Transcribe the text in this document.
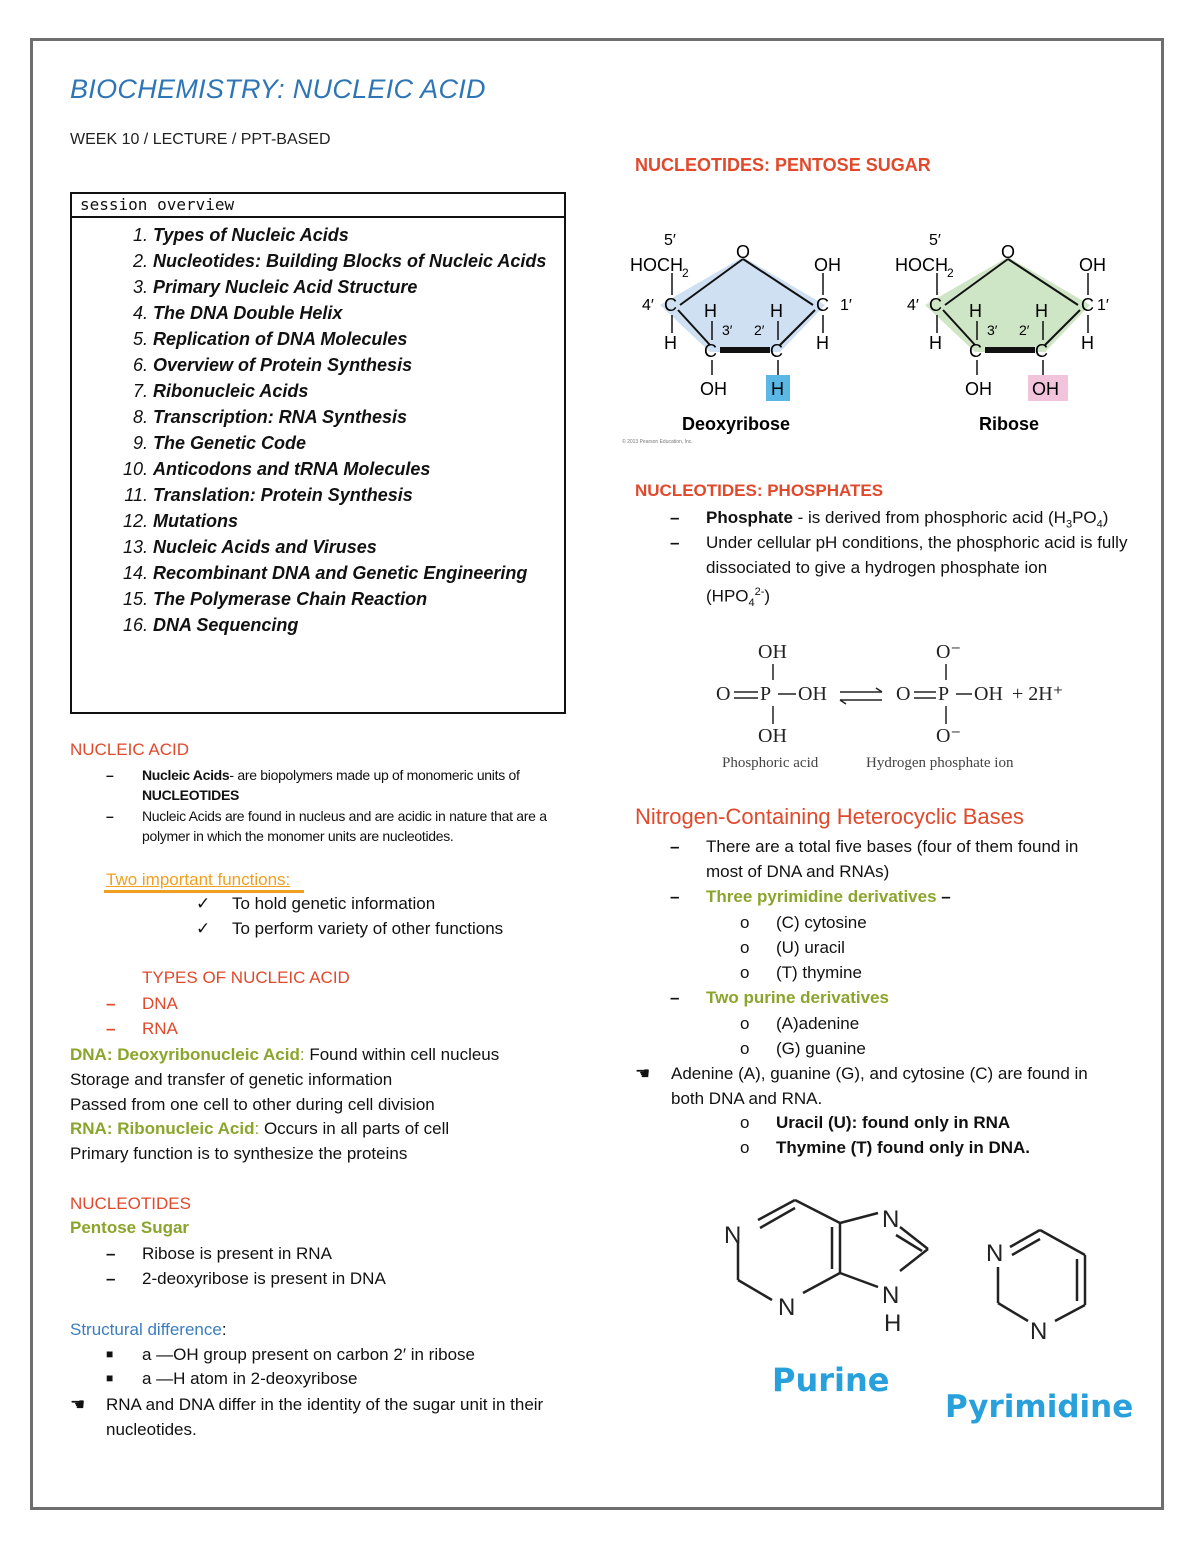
BIOCHEMISTRY: NUCLEIC ACID
WEEK 10 / LECTURE / PPT-BASED
session overview
1. Types of Nucleic Acids
2. Nucleotides: Building Blocks of Nucleic Acids
3. Primary Nucleic Acid Structure
4. The DNA Double Helix
5. Replication of DNA Molecules
6. Overview of Protein Synthesis
7. Ribonucleic Acids
8. Transcription: RNA Synthesis
9. The Genetic Code
10. Anticodons and tRNA Molecules
11. Translation: Protein Synthesis
12. Mutations
13. Nucleic Acids and Viruses
14. Recombinant DNA and Genetic Engineering
15. The Polymerase Chain Reaction
16. DNA Sequencing
NUCLEIC ACID
–	Nucleic Acids- are biopolymers made up of monomeric units of NUCLEOTIDES
–	Nucleic Acids are found in nucleus and are acidic in nature that are a polymer in which the monomer units are nucleotides.
Two important functions:
✓ To hold genetic information
✓ To perform variety of other functions
TYPES OF NUCLEIC ACID
– DNA
– RNA
DNA: Deoxyribonucleic Acid: Found within cell nucleus
Storage and transfer of genetic information
Passed from one cell to other during cell division
RNA: Ribonucleic Acid: Occurs in all parts of cell
Primary function is to synthesize the proteins
NUCLEOTIDES
Pentose Sugar
– Ribose is present in RNA
– 2-deoxyribose is present in DNA
Structural difference:
■ a —OH group present on carbon 2′ in ribose
■ a —H atom in 2-deoxyribose
☚	RNA and DNA differ in the identity of the sugar unit in their nucleotides.
NUCLEOTIDES: PENTOSE SUGAR
5′
HOCH 2
O
OH
4′ C	C 1′
H	H
3′ 2′
H	H
C	C
OH H
Deoxyribose
© 2013 Pearson Education, Inc.
5′
HOCH 2
O
OH
4′ C	C 1′
H	H
3′ 2′
H	H
C	C
OH OH
Ribose
NUCLEOTIDES: PHOSPHATES
–	Phosphate - is derived from phosphoric acid $(H_3PO_4)$
–	Under cellular pH conditions, the phosphoric acid is fully dissociated to give a hydrogen phosphate ion
$(HPO_4^{2-})$
OH
O P OH
OH
O⁻
O P OH + 2H⁺
O⁻
Phosphoric acid	Hydrogen phosphate ion
Nitrogen-Containing Heterocyclic Bases
–	There are a total five bases (four of them found in most of DNA and RNAs)
– Three pyrimidine derivatives –
o (C) cytosine
o (U) uracil
o (T) thymine
– Two purine derivatives
o (A)adenine
o (G) guanine
☚	Adenine (A), guanine (G), and cytosine (C) are found in both DNA and RNA.
o Uracil (U): found only in RNA
o Thymine (T) found only in DNA.
N
N
N
N
H
Purine
N
N
Pyrimidine
